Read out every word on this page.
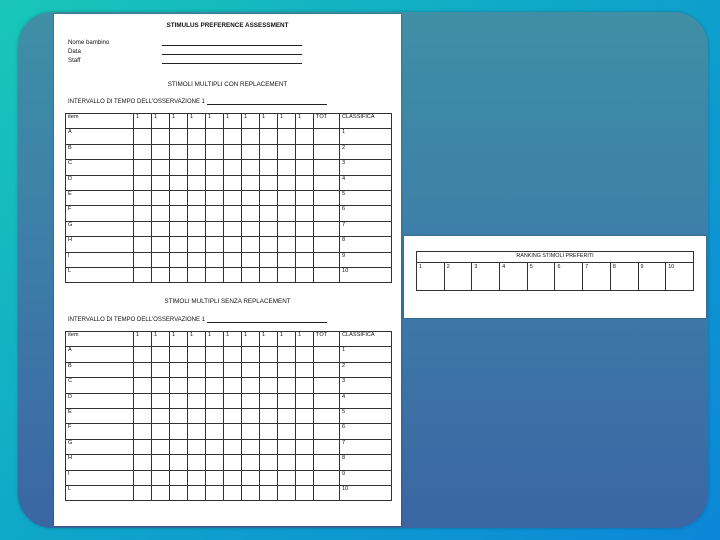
STIMULUS PREFERENCE ASSESSMENT
Nome bambino
Data
Staff
STIMOLI MULTIPLI CON REPLACEMENT
INTERVALLO DI TEMPO DELL'OSSERVAZIONE 1
item	1	1	1	1	1	1	1	1	1	1	TOT	CLASSIFICA
A												1
B												2
C												3
D												4
E												5
F												6
G												7
H												8
I												9
L												10
STIMOLI MULTIPLI SENZA REPLACEMENT
INTERVALLO DI TEMPO DELL'OSSERVAZIONE 1
item	1	1	1	1	1	1	1	1	1	1	TOT	CLASSIFICA
A												1
B												2
C												3
D												4
E												5
F												6
G												7
H												8
I												9
L												10
RANKING STIMOLI PREFERITI
1	2	3	4	5	6	7	8	9	10
